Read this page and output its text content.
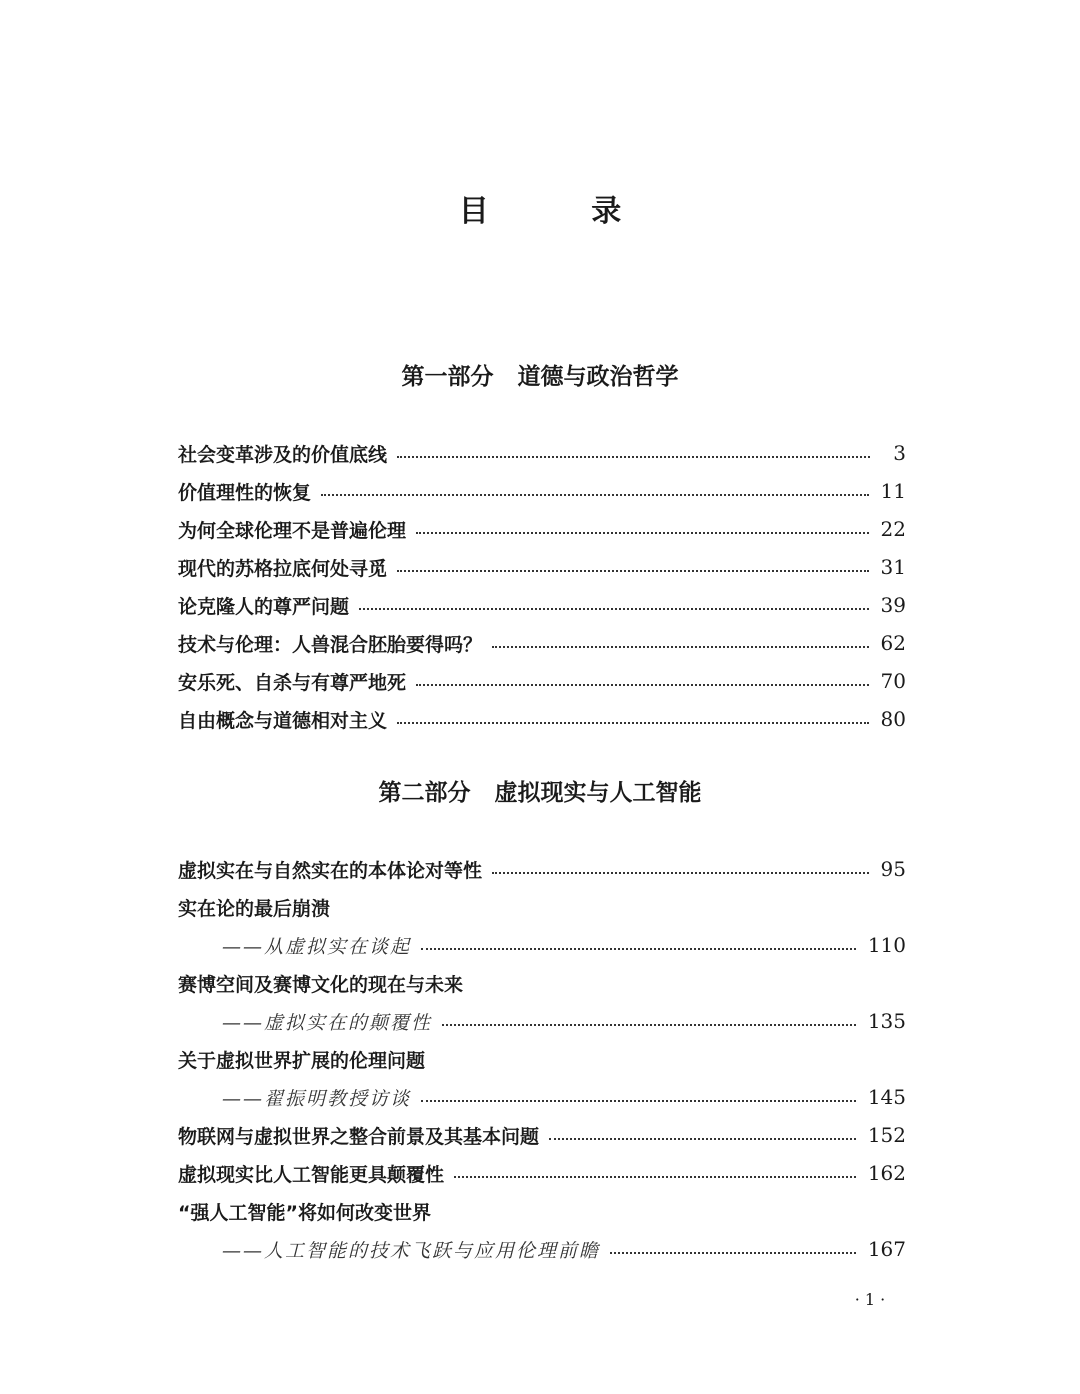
目 录
第一部分 道德与政治哲学
社会变革涉及的价值底线	3
价值理性的恢复	11
为何全球伦理不是普遍伦理	22
现代的苏格拉底何处寻觅	31
论克隆人的尊严问题	39
技术与伦理：人兽混合胚胎要得吗？	62
安乐死、自杀与有尊严地死	70
自由概念与道德相对主义	80
第二部分 虚拟现实与人工智能
虚拟实在与自然实在的本体论对等性	95
实在论的最后崩溃
——从虚拟实在谈起	110
赛博空间及赛博文化的现在与未来
——虚拟实在的颠覆性	135
关于虚拟世界扩展的伦理问题
——翟振明教授访谈	145
物联网与虚拟世界之整合前景及其基本问题	152
虚拟现实比人工智能更具颠覆性	162
“强人工智能”将如何改变世界
——人工智能的技术飞跃与应用伦理前瞻	167
· 1 ·
